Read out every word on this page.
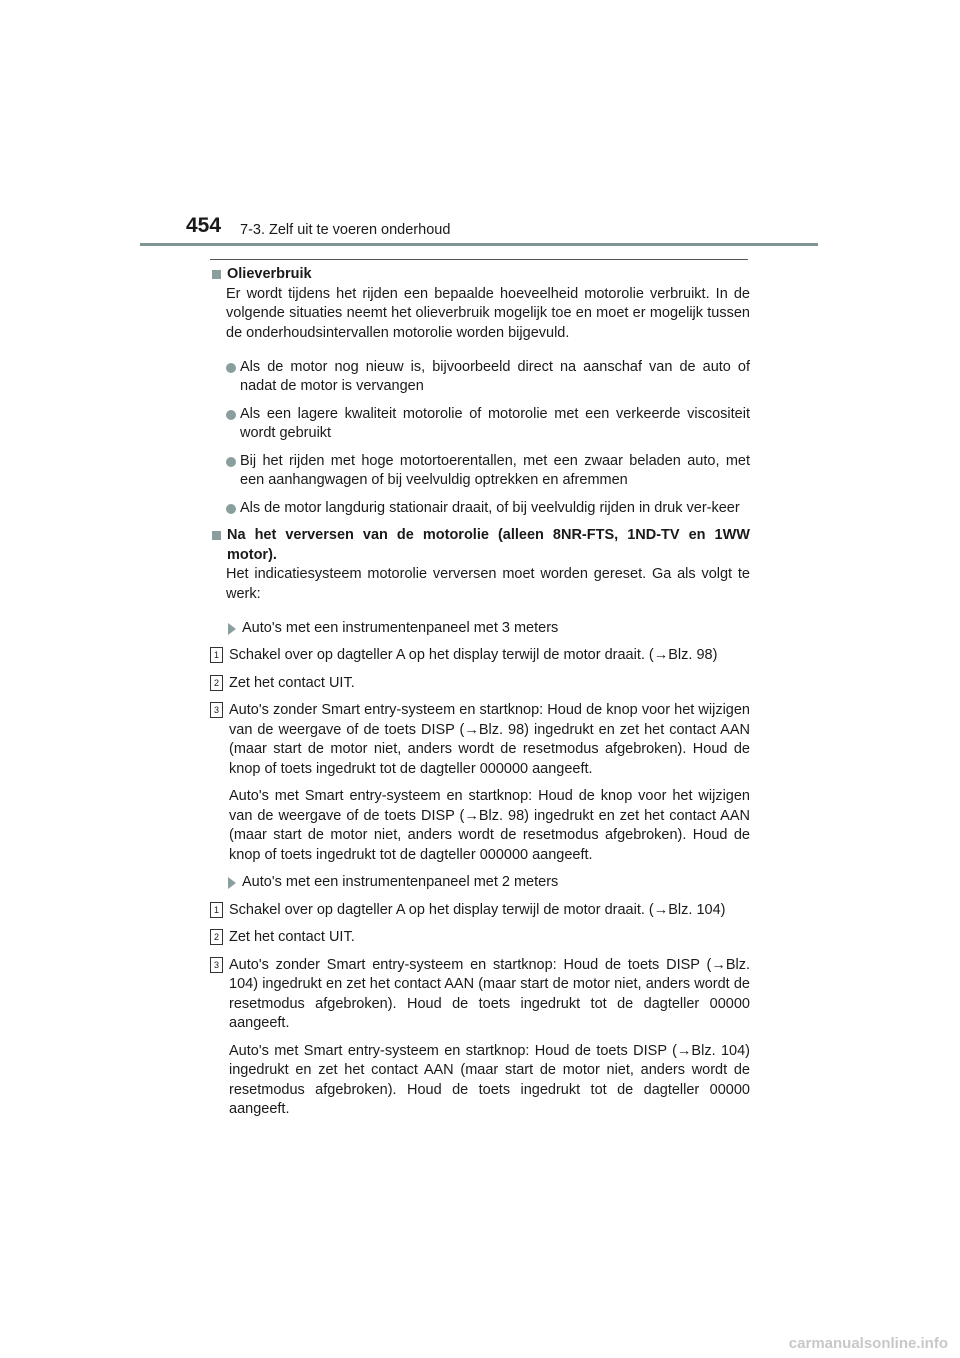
454 7-3. Zelf uit te voeren onderhoud
Olieverbruik

Er wordt tijdens het rijden een bepaalde hoeveelheid motorolie verbruikt. In de volgende situaties neemt het olieverbruik mogelijk toe en moet er mogelijk tussen de onderhoudsintervallen motorolie worden bijgevuld.

Als de motor nog nieuw is, bijvoorbeeld direct na aanschaf van de auto of nadat de motor is vervangen
Als een lagere kwaliteit motorolie of motorolie met een verkeerde viscositeit wordt gebruikt
Bij het rijden met hoge motortoerentallen, met een zwaar beladen auto, met een aanhangwagen of bij veelvuldig optrekken en afremmen
Als de motor langdurig stationair draait, of bij veelvuldig rijden in druk ver-keer
Na het verversen van de motorolie (alleen 8NR-FTS, 1ND-TV en 1WW motor).

Het indicatiesysteem motorolie verversen moet worden gereset. Ga als volgt te werk:

Auto's met een instrumentenpaneel met 3 meters
1 Schakel over op dagteller A op het display terwijl de motor draait. (→Blz. 98)

2 Zet het contact UIT.

3 Auto's zonder Smart entry-systeem en startknop: Houd de knop voor het wijzigen van de weergave of de toets DISP (→Blz. 98) ingedrukt en zet het contact AAN (maar start de motor niet, anders wordt de resetmodus afgebroken). Houd de knop of toets ingedrukt tot de dagteller 000000 aangeeft.

Auto's met Smart entry-systeem en startknop: Houd de knop voor het wijzigen van de weergave of de toets DISP (→Blz. 98) ingedrukt en zet het contact AAN (maar start de motor niet, anders wordt de resetmodus afgebroken). Houd de knop of toets ingedrukt tot de dagteller 000000 aangeeft.

Auto's met een instrumentenpaneel met 2 meters
1 Schakel over op dagteller A op het display terwijl de motor draait. (→Blz. 104)

2 Zet het contact UIT.

3 Auto's zonder Smart entry-systeem en startknop: Houd de toets DISP (→Blz. 104) ingedrukt en zet het contact AAN (maar start de motor niet, anders wordt de resetmodus afgebroken). Houd de toets ingedrukt tot de dagteller 00000 aangeeft.

Auto's met Smart entry-systeem en startknop: Houd de toets DISP (→Blz. 104) ingedrukt en zet het contact AAN (maar start de motor niet, anders wordt de resetmodus afgebroken). Houd de toets ingedrukt tot de dagteller 00000 aangeeft.

carmanualsonline.info
